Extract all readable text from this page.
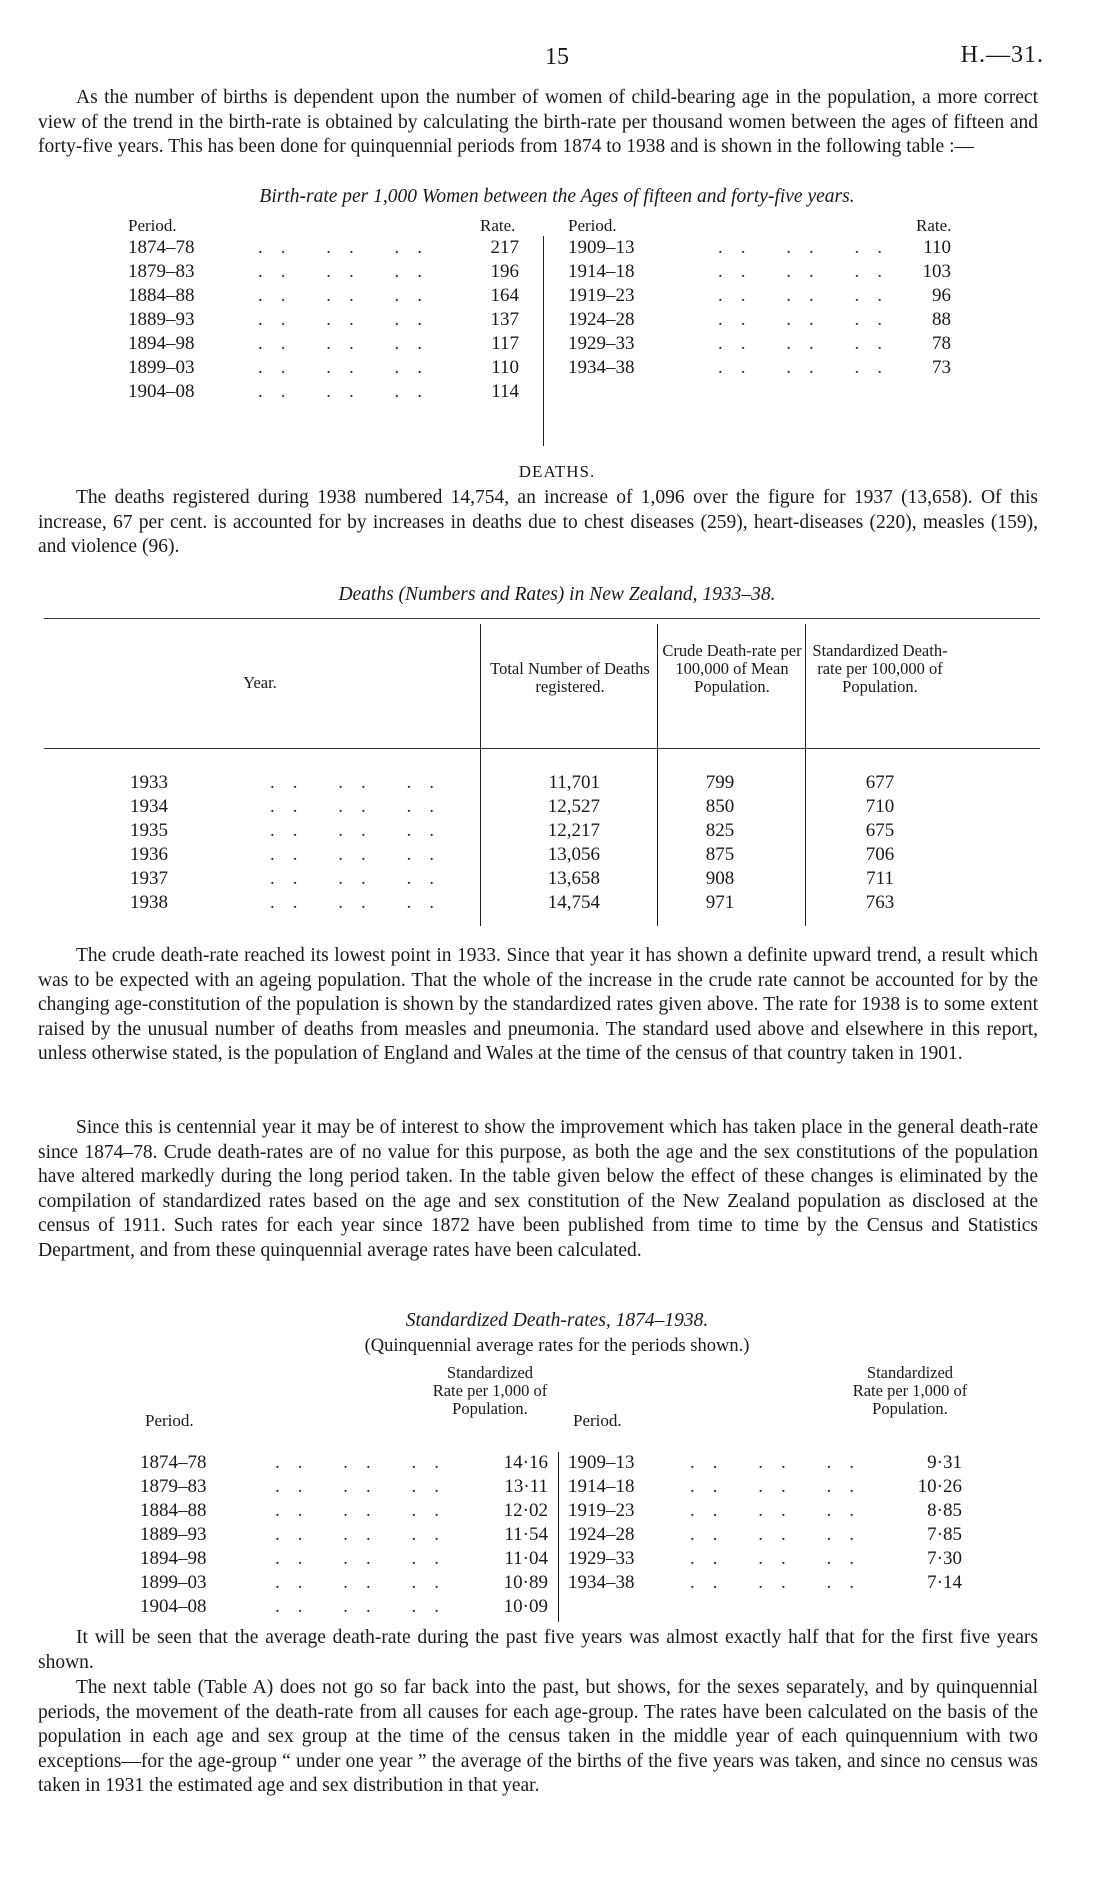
15	H.—31.

As the number of births is dependent upon the number of women of child-bearing age in the population, a more correct view of the trend in the birth-rate is obtained by calculating the birth-rate per thousand women between the ages of fifteen and forty-five years. This has been done for quinquennial periods from 1874 to 1938 and is shown in the following table :—

Birth-rate per 1,000 Women between the Ages of fifteen and forty-five years.
Period.	Rate.
1874–78	.. .. ..	217
1879–83	.. .. ..	196
1884–88	.. .. ..	164
1889–93	.. .. ..	137
1894–98	.. .. ..	117
1899–03	.. .. ..	110
1904–08	.. .. ..	114
Period.	Rate.
1909–13	.. .. .. 110
1914–18	.. .. .. 103
1919–23	.. .. .. 96
1924–28	.. .. .. 88
1929–33	.. .. .. 78
1934–38	.. .. .. 73
DEATHS.

The deaths registered during 1938 numbered 14,754, an increase of 1,096 over the figure for 1937 (13,658). Of this increase, 67 per cent. is accounted for by increases in deaths due to chest diseases (259), heart-diseases (220), measles (159), and violence (96).

Deaths (Numbers and Rates) in New Zealand, 1933–38.
Year.
Total Number of Deaths registered.
Crude Death-rate per 100,000 of Mean Population.
Standardized Death-rate per 100,000 of Population.
1933	.. .. ..	11,701	799	677
1934	.. .. ..	12,527	850	710
1935	.. .. ..	12,217	825	675
1936	.. .. ..	13,056	875	706
1937	.. .. ..	13,658	908	711
1938	.. .. ..	14,754	971	763

The crude death-rate reached its lowest point in 1933. Since that year it has shown a definite upward trend, a result which was to be expected with an ageing population. That the whole of the increase in the crude rate cannot be accounted for by the changing age-constitution of the population is shown by the standardized rates given above. The rate for 1938 is to some extent raised by the unusual number of deaths from measles and pneumonia. The standard used above and elsewhere in this report, unless otherwise stated, is the population of England and Wales at the time of the census of that country taken in 1901.

Since this is centennial year it may be of interest to show the improvement which has taken place in the general death-rate since 1874–78. Crude death-rates are of no value for this purpose, as both the age and the sex constitutions of the population have altered markedly during the long period taken. In the table given below the effect of these changes is eliminated by the compilation of standardized rates based on the age and sex constitution of the New Zealand population as disclosed at the census of 1911. Such rates for each year since 1872 have been published from time to time by the Census and Statistics Department, and from these quinquennial average rates have been calculated.

Standardized Death-rates, 1874–1938.
(Quinquennial average rates for the periods shown.)
Period.
Standardized Rate per 1,000 of Population.
Period.
Standardized Rate per 1,000 of Population.
1874–78	.. .. ..	14·16
1879–83	.. .. ..	13·11
1884–88	.. .. ..	12·02
1889–93	.. .. ..	11·54
1894–98	.. .. ..	11·04
1899–03	.. .. ..	10·89
1904–08	.. .. ..	10·09
1909–13	.. .. ..	9·31
1914–18	.. .. ..	10·26
1919–23	.. .. ..	8·85
1924–28	.. .. ..	7·85
1929–33	.. .. ..	7·30
1934–38	.. .. ..	7·14

It will be seen that the average death-rate during the past five years was almost exactly half that for the first five years shown.

The next table (Table A) does not go so far back into the past, but shows, for the sexes separately, and by quinquennial periods, the movement of the death-rate from all causes for each age-group. The rates have been calculated on the basis of the population in each age and sex group at the time of the census taken in the middle year of each quinquennium with two exceptions—for the age-group “ under one year ” the average of the births of the five years was taken, and since no census was taken in 1931 the estimated age and sex distribution in that year.
